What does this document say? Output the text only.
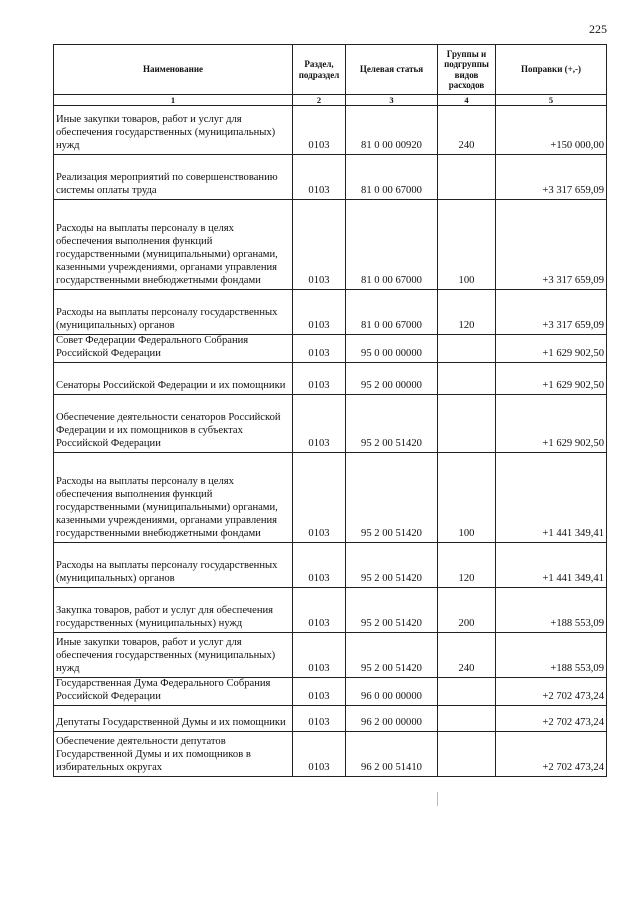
225
Наименование	Раздел, подраздел	Целевая статья	Группы и подгруппы видов расходов	Поправки (+,-)
1	2	3	4	5
Иные закупки товаров, работ и услуг для обеспечения государственных (муниципальных) нужд	0103	81 0 00 00920	240	+150 000,00
Реализация мероприятий по совершенствованию системы оплаты труда	0103	81 0 00 67000		+3 317 659,09
Расходы на выплаты персоналу в целях обеспечения выполнения функций государственными (муниципальными) органами, казенными учреждениями, органами управления государственными внебюджетными фондами	0103	81 0 00 67000	100	+3 317 659,09
Расходы на выплаты персоналу государственных (муниципальных) органов	0103	81 0 00 67000	120	+3 317 659,09
Совет Федерации Федерального Собрания Российской Федерации	0103	95 0 00 00000		+1 629 902,50
Сенаторы Российской Федерации и их помощники	0103	95 2 00 00000		+1 629 902,50
Обеспечение деятельности сенаторов Российской Федерации и их помощников в субъектах Российской Федерации	0103	95 2 00 51420		+1 629 902,50
Расходы на выплаты персоналу в целях обеспечения выполнения функций государственными (муниципальными) органами, казенными учреждениями, органами управления государственными внебюджетными фондами	0103	95 2 00 51420	100	+1 441 349,41
Расходы на выплаты персоналу государственных (муниципальных) органов	0103	95 2 00 51420	120	+1 441 349,41
Закупка товаров, работ и услуг для обеспечения государственных (муниципальных) нужд	0103	95 2 00 51420	200	+188 553,09
Иные закупки товаров, работ и услуг для обеспечения государственных (муниципальных) нужд	0103	95 2 00 51420	240	+188 553,09
Государственная Дума Федерального Собрания Российской Федерации	0103	96 0 00 00000		+2 702 473,24
Депутаты Государственной Думы и их помощники	0103	96 2 00 00000		+2 702 473,24
Обеспечение деятельности депутатов Государственной Думы и их помощников в избирательных округах	0103	96 2 00 51410		+2 702 473,24
